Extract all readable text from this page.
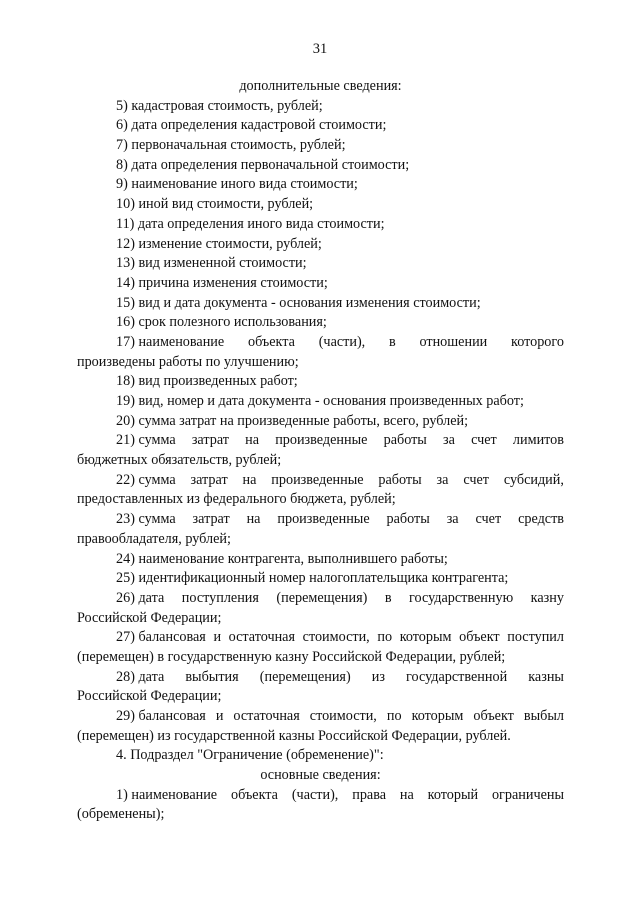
31
дополнительные сведения:
5) кадастровая стоимость, рублей;
6) дата определения кадастровой стоимости;
7) первоначальная стоимость, рублей;
8) дата определения первоначальной стоимости;
9) наименование иного вида стоимости;
10) иной вид стоимости, рублей;
11) дата определения иного вида стоимости;
12) изменение стоимости, рублей;
13) вид измененной стоимости;
14) причина изменения стоимости;
15) вид и дата документа - основания изменения стоимости;
16) срок полезного использования;
17) наименование объекта (части), в отношении которого
произведены работы по улучшению;
18) вид произведенных работ;
19) вид, номер и дата документа - основания произведенных работ;
20) сумма затрат на произведенные работы, всего, рублей;
21) сумма затрат на произведенные работы за счет лимитов
бюджетных обязательств, рублей;
22) сумма затрат на произведенные работы за счет субсидий,
предоставленных из федерального бюджета, рублей;
23) сумма затрат на произведенные работы за счет средств
правообладателя, рублей;
24) наименование контрагента, выполнившего работы;
25) идентификационный номер налогоплательщика контрагента;
26) дата поступления (перемещения) в государственную казну
Российской Федерации;
27) балансовая и остаточная стоимости, по которым объект поступил
(перемещен) в государственную казну Российской Федерации, рублей;
28) дата выбытия (перемещения) из государственной казны
Российской Федерации;
29) балансовая и остаточная стоимости, по которым объект выбыл
(перемещен) из государственной казны Российской Федерации, рублей.
4. Подраздел "Ограничение (обременение)":
основные сведения:
1) наименование объекта (части), права на который ограничены
(обременены);
